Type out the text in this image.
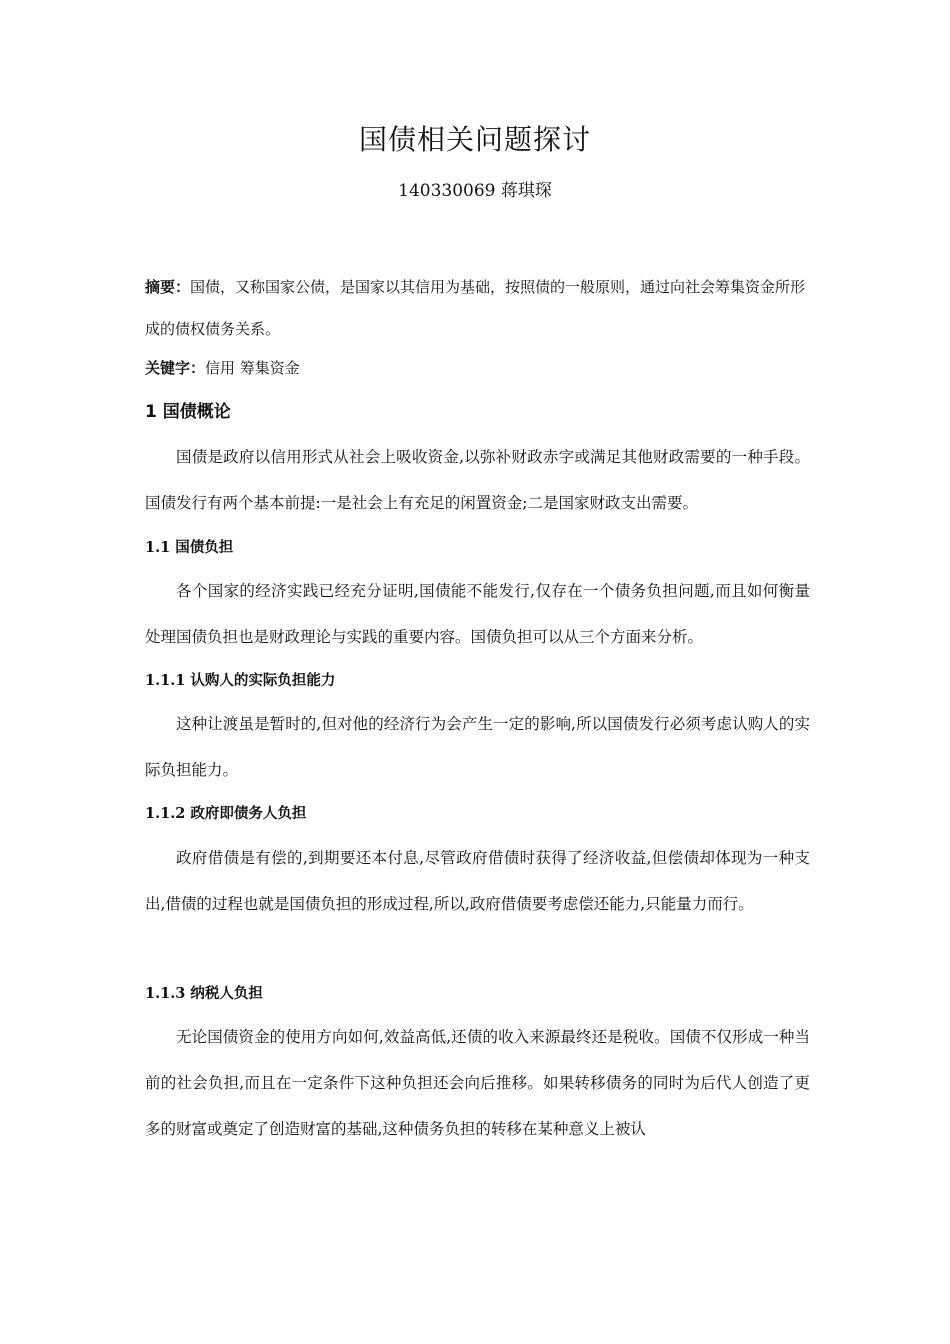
国债相关问题探讨

140330069 蒋琪琛

摘要：国债，又称国家公债，是国家以其信用为基础，按照债的一般原则，通过向社会筹集资金所形成的债权债务关系。

关键字：信用 筹集资金

1 国债概论

国债是政府以信用形式从社会上吸收资金,以弥补财政赤字或满足其他财政需要的一种手段。国债发行有两个基本前提:一是社会上有充足的闲置资金;二是国家财政支出需要。

1.1 国债负担

各个国家的经济实践已经充分证明,国债能不能发行,仅存在一个债务负担问题,而且如何衡量处理国债负担也是财政理论与实践的重要内容。国债负担可以从三个方面来分析。

1.1.1 认购人的实际负担能力

这种让渡虽是暂时的,但对他的经济行为会产生一定的影响,所以国债发行必须考虑认购人的实际负担能力。

1.1.2 政府即债务人负担

政府借债是有偿的,到期要还本付息,尽管政府借债时获得了经济收益,但偿债却体现为一种支出,借债的过程也就是国债负担的形成过程,所以,政府借债要考虑偿还能力,只能量力而行。

1.1.3 纳税人负担

无论国债资金的使用方向如何,效益高低,还债的收入来源最终还是税收。国债不仅形成一种当前的社会负担,而且在一定条件下这种负担还会向后推移。如果转移债务的同时为后代人创造了更多的财富或奠定了创造财富的基础,这种债务负担的转移在某种意义上被认
